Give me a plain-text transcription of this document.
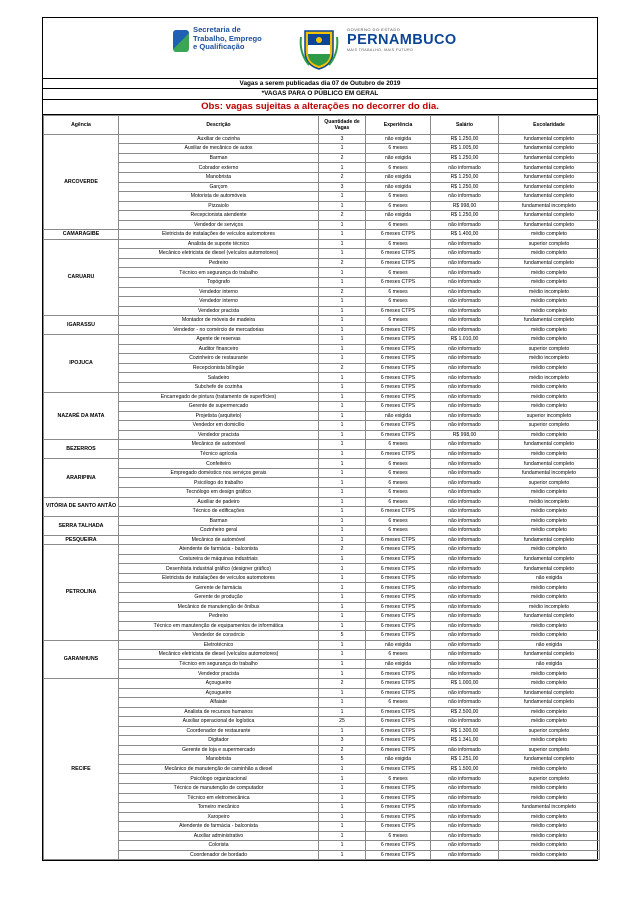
Secretaria de Trabalho, Emprego e Qualificação
GOVERNO DO ESTADO
PERNAMBUCO
MAIS TRABALHO, MAIS FUTURO
Vagas a serem publicadas dia 07 de Outubro de 2019
*VAGAS PARA O PÚBLICO EM GERAL
Obs: vagas sujeitas a alterações no decorrer do dia.
Agência	Descrição	Quantidade de Vagas	Experiência	Salário	Escolaridade
ARCOVERDE	Auxiliar de cozinha	3	não exigida	R$ 1.250,00	fundamental completo
	Auxiliar de mecânico de autos	1	6 meses	R$ 1.005,00	fundamental completo
	Barman	2	não exigida	R$ 1.250,00	fundamental completo
	Cobrador externo	1	6 meses	não informado	fundamental completo
	Manobrista	2	não exigida	R$ 1.250,00	fundamental completo
	Garçom	3	não exigida	R$ 1.250,00	fundamental completo
	Motorista de automóveis	1	6 meses	não informado	fundamental completo
	Pizzaiolo	1	6 meses	R$ 998,00	fundamental incompleto
	Recepcionista atendente	2	não exigida	R$ 1.250,00	fundamental completo
	Vendedor de serviços	1	6 meses	não informado	fundamental completo
CAMARAGIBE	Eletricista de instalações de veículos automotores	1	6 meses CTPS	R$ 1.400,00	médio completo
CARUARU	Analista de suporte técnico	1	6 meses	não informado	superior completo
	Mecânico eletricista de diesel (veículos automotores)	1	6 meses CTPS	não informado	médio completo
	Pedreiro	2	6 meses CTPS	não informado	fundamental completo
	Técnico em segurança do trabalho	1	6 meses	não informado	médio completo
	Topógrafo	1	6 meses CTPS	não informado	médio completo
	Vendedor interno	2	6 meses	não informado	médio incompleto
	Vendedor interno	1	6 meses	não informado	médio completo
	Vendedor pracista	1	6 meses CTPS	não informado	médio completo
IGARASSU	Montador de móveis de madeira	1	6 meses	não informado	fundamental completo
	Vendedor - no comércio de mercadorias	1	6 meses CTPS	não informado	médio completo
IPOJUCA	Agente de reservas	1	6 meses CTPS	R$ 1.010,00	médio completo
	Auditor financeiro	1	6 meses CTPS	não informado	superior completo
	Cozinheiro de restaurante	1	6 meses CTPS	não informado	médio incompleto
	Recepcionista bilíngüe	2	6 meses CTPS	não informado	médio completo
	Saladeiro	1	6 meses CTPS	não informado	médio incompleto
	Subchefe de cozinha	1	6 meses CTPS	não informado	médio completo
NAZARÉ DA MATA	Encarregado de pintura (tratamento de superfícies)	1	6 meses CTPS	não informado	médio completo
	Gerente de supermercado	1	6 meses CTPS	não informado	médio completo
	Projetista (arquiteto)	1	não exigida	não informado	superior incompleto
	Vendedor em domicílio	1	6 meses CTPS	não informado	superior completo
	Vendedor pracista	1	6 meses CTPS	R$ 998,00	médio completo
BEZERROS	Mecânico de automóvel	1	6 meses	não informado	fundamental completo
	Técnico agrícola	1	6 meses CTPS	não informado	médio completo
ARARIPINA	Confeiteiro	1	6 meses	não informado	fundamental completo
	Empregado doméstico nos serviços gerais	1	6 meses	não informado	fundamental incompleto
	Psicólogo do trabalho	1	6 meses	não informado	superior completo
	Tecnólogo em design gráfico	1	6 meses	não informado	médio completo
VITÓRIA DE SANTO ANTÃO	Auxiliar de padeiro	1	6 meses	não informado	médio incompleto
	Técnico de edificações	1	6 meses CTPS	não informado	médio completo
SERRA TALHADA	Barman	1	6 meses	não informado	médio completo
	Cozinheiro geral	1	6 meses	não informado	médio completo
PESQUEIRA	Mecânico de automóvel	1	6 meses CTPS	não informado	fundamental completo
PETROLINA	Atendente de farmácia - balconista	2	6 meses CTPS	não informado	médio completo
	Costureira de máquinas industriais	1	6 meses CTPS	não informado	fundamental completo
	Desenhista industrial gráfico (designer gráfico)	1	6 meses CTPS	não informado	fundamental completo
	Eletricista de instalações de veículos automotores	1	6 meses CTPS	não informado	não exigida
	Gerente de farmácia	1	6 meses CTPS	não informado	médio completo
	Gerente de produção	1	6 meses CTPS	não informado	médio completo
	Mecânico de manutenção de ônibus	1	6 meses CTPS	não informado	médio incompleto
	Pedreiro	1	6 meses CTPS	não informado	fundamental completo
	Técnico em manutenção de equipamentos de informática	1	6 meses CTPS	não informado	médio completo
	Vendedor de consórcio	5	6 meses CTPS	não informado	médio completo
GARANHUNS	Eletrotécnico	1	não exigida	não informado	não exigida
	Mecânico eletricista de diesel (veículos automotores)	1	6 meses	não informado	fundamental completo
	Técnico em segurança do trabalho	1	não exigida	não informado	não exigida
	Vendedor pracista	1	6 meses CTPS	não informado	médio completo
RECIFE	Açougueiro	2	6 meses CTPS	R$ 1.000,00	médio completo
	Açougueiro	1	6 meses CTPS	não informado	fundamental completo
	Alfaiate	1	6 meses	não informado	fundamental completo
	Analista de recursos humanos	1	6 meses CTPS	R$ 2.500,00	médio completo
	Auxiliar operacional de logística	25	6 meses CTPS	não informado	médio completo
	Coordenador de restaurante	1	6 meses CTPS	R$ 1.300,00	superior completo
	Digitador	3	6 meses CTPS	R$ 1.341,00	médio completo
	Gerente de loja e supermercado	2	6 meses CTPS	não informado	superior completo
	Manobrista	5	não exigida	R$ 1.251,00	fundamental completo
	Mecânico de manutenção de caminhão a diesel	1	6 meses CTPS	R$ 1.500,00	médio completo
	Psicólogo organizacional	1	6 meses	não informado	superior completo
	Técnico de manutenção de computador	1	6 meses CTPS	não informado	médio completo
	Técnico em eletromecânica	1	6 meses CTPS	não informado	médio completo
	Torneiro mecânico	1	6 meses CTPS	não informado	fundamental incompleto
	Xaropeiro	1	6 meses CTPS	não informado	médio completo
	Atendente de farmácia - balconista	1	6 meses CTPS	não informado	médio completo
	Auxiliar administrativo	1	6 meses	não informado	médio completo
	Colorista	1	6 meses CTPS	não informado	médio completo
	Coordenador de bordado	1	6 meses CTPS	não informado	médio completo
